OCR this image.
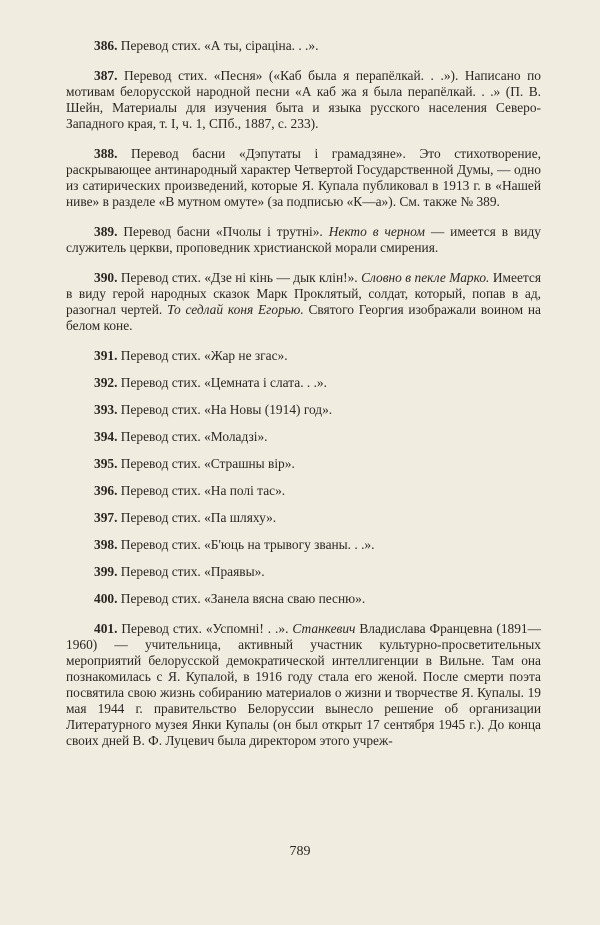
386. Перевод стих. «А ты, сіраціна. . .».

387. Перевод стих. «Песня» («Каб была я перапёлкай. . .»). Написано по мотивам белорусской народной песни «А каб жа я была перапёлкай. . .» (П. В. Шейн, Материалы для изучения быта и языка русского населения Северо-Западного края, т. I, ч. 1, СПб., 1887, с. 233).

388. Перевод басни «Дэпутаты і грамадзяне». Это стихотворение, раскрывающее антинародный характер Четвертой Государственной Думы, — одно из сатирических произведений, которые Я. Купала публиковал в 1913 г. в «Нашей ниве» в разделе «В мутном омуте» (за подписью «К—а»). См. также № 389.

389. Перевод басни «Пчолы і трутні». Некто в черном — имеется в виду служитель церкви, проповедник христианской морали смирения.

390. Перевод стих. «Дзе ні кінь — дык клін!». Словно в пекле Марко. Имеется в виду герой народных сказок Марк Проклятый, солдат, который, попав в ад, разогнал чертей. То седлай коня Егорью. Святого Георгия изображали воином на белом коне.

391. Перевод стих. «Жар не згас».

392. Перевод стих. «Цемната і слата. . .».

393. Перевод стих. «На Новы (1914) год».

394. Перевод стих. «Моладзі».

395. Перевод стих. «Страшны вір».

396. Перевод стих. «На полі тас».

397. Перевод стих. «Па шляху».

398. Перевод стих. «Б'юць на трывогу званы. . .».

399. Перевод стих. «Праявы».

400. Перевод стих. «Занела вясна сваю песню».

401. Перевод стих. «Успомні! . .». Станкевич Владислава Францевна (1891—1960) — учительница, активный участник культурно-просветительных мероприятий белорусской демократической интеллигенции в Вильне. Там она познакомилась с Я. Купалой, в 1916 году стала его женой. После смерти поэта посвятила свою жизнь собиранию материалов о жизни и творчестве Я. Купалы. 19 мая 1944 г. правительство Белоруссии вынесло решение об организации Литературного музея Янки Купалы (он был открыт 17 сентября 1945 г.). До конца своих дней В. Ф. Луцевич была директором этого учреж-

789
